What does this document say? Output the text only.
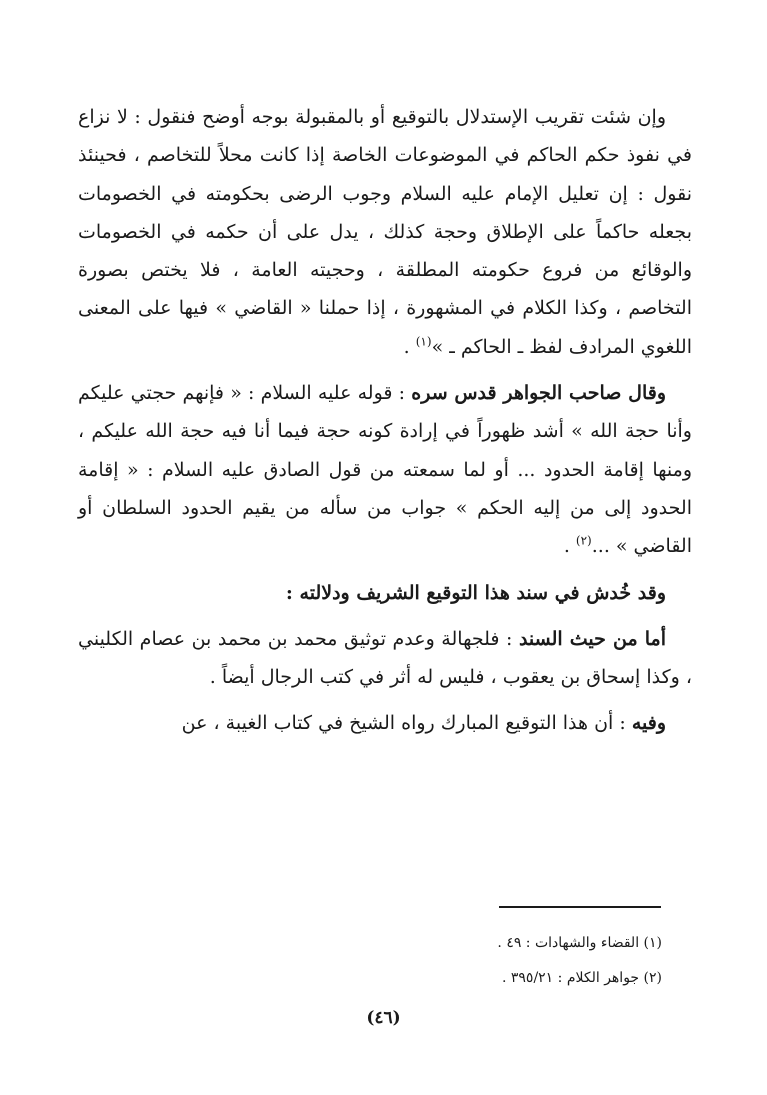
وإن شئت تقريب الإستدلال بالتوقيع أو بالمقبولة بوجه أوضح فنقول : لا نزاع في نفوذ حكم الحاكم في الموضوعات الخاصة إذا كانت محلاً للتخاصم ، فحينئذ نقول : إن تعليل الإمام عليه السلام وجوب الرضى بحكومته في الخصومات بجعله حاكماً على الإطلاق وحجة كذلك ، يدل على أن حكمه في الخصومات والوقائع من فروع حكومته المطلقة ، وحجيته العامة ، فلا يختص بصورة التخاصم ، وكذا الكلام في المشهورة ، إذا حملنا « القاضي » فيها على المعنى اللغوي المرادف لفظ ـ الحاكم ـ »$^{(١)}$ .

وقال صاحب الجواهر قدس سره : قوله عليه السلام : « فإنهم حجتي عليكم وأنا حجة الله » أشد ظهوراً في إرادة كونه حجة فيما أنا فيه حجة الله عليكم ، ومنها إقامة الحدود ... أو لما سمعته من قول الصادق عليه السلام : « إقامة الحدود إلى من إليه الحكم » جواب من سأله من يقيم الحدود السلطان أو القاضي » ...$^{(٢)}$ .

وقد خُدش في سند هذا التوقيع الشريف ودلالته :

أما من حيث السند : فلجهالة وعدم توثيق محمد بن محمد بن عصام الكليني ، وكذا إسحاق بن يعقوب ، فليس له أثر في كتب الرجال أيضاً .

وفيه : أن هذا التوقيع المبارك رواه الشيخ في كتاب الغيبة ، عن

(١) القضاء والشهادات : ٤٩ .
(٢) جواهر الكلام : ٣٩٥/٢١ .
(٤٦)
